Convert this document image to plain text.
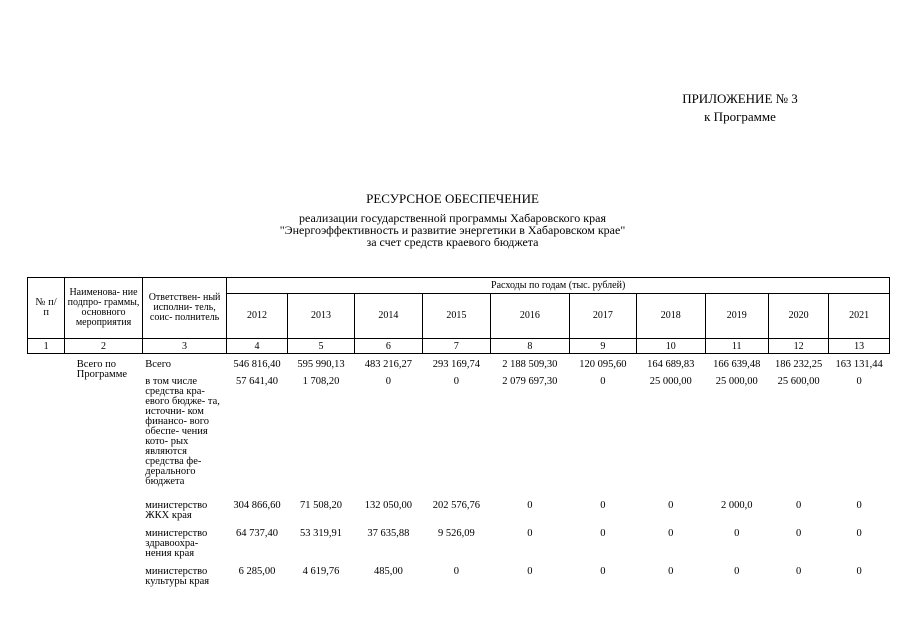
ПРИЛОЖЕНИЕ № 3
к Программе
РЕСУРСНОЕ ОБЕСПЕЧЕНИЕ
реализации государственной программы Хабаровского края
"Энергоэффективность и развитие энергетики в Хабаровском крае"
за счет средств краевого бюджета
№ п/п	Наименова- ние подпро- граммы, основного мероприятия	Ответствен- ный исполни- тель, соис- полнитель	Расходы по годам (тыс. рублей)									
			2012	2013	2014	2015	2016	2017	2018	2019	2020	2021
1	2	3	4	5	6	7	8	9	10	11	12	13

	Всего по Программе	Всего	546 816,40	595 990,13	483 216,27	293 169,74	2 188 509,30	120 095,60	164 689,83	166 639,48	186 232,25	163 131,44
		в том числе средства кра- евого бюдже- та, источни- ком финансо- вого обеспе- чения кото- рых являются средства фе- дерального бюджета	57 641,40	1 708,20	0	0	2 079 697,30	0	25 000,00	25 000,00	25 600,00	0
		министерство ЖКХ края	304 866,60	71 508,20	132 050,00	202 576,76	0	0	0	2 000,0	0	0
		министерство здравоохра- нения края	64 737,40	53 319,91	37 635,88	9 526,09	0	0	0	0	0	0
		министерство культуры края	6 285,00	4 619,76	485,00	0	0	0	0	0	0	0
